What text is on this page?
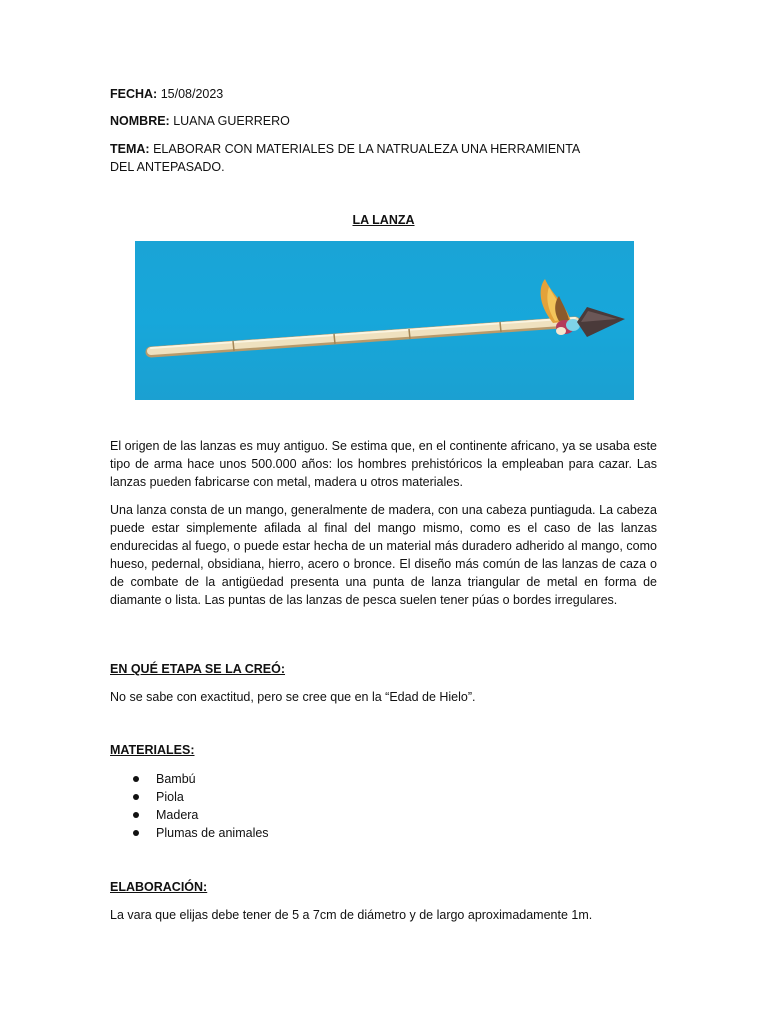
FECHA: 15/08/2023
NOMBRE: LUANA GUERRERO
TEMA: ELABORAR CON MATERIALES DE LA NATRUALEZA UNA HERRAMIENTA DEL ANTEPASADO.
LA LANZA
El origen de las lanzas es muy antiguo. Se estima que, en el continente africano, ya se usaba este tipo de arma hace unos 500.000 años: los hombres prehistóricos la empleaban para cazar. Las lanzas pueden fabricarse con metal, madera u otros materiales.
Una lanza consta de un mango, generalmente de madera, con una cabeza puntiaguda. La cabeza puede estar simplemente afilada al final del mango mismo, como es el caso de las lanzas endurecidas al fuego, o puede estar hecha de un material más duradero adherido al mango, como hueso, pedernal, obsidiana, hierro, acero o bronce. El diseño más común de las lanzas de caza o de combate de la antigüedad presenta una punta de lanza triangular de metal en forma de diamante o lista. Las puntas de las lanzas de pesca suelen tener púas o bordes irregulares.
EN QUÉ ETAPA SE LA CREÓ:
No se sabe con exactitud, pero se cree que en la “Edad de Hielo”.
MATERIALES:
Bambú
Piola
Madera
Plumas de animales
ELABORACIÓN:
La vara que elijas debe tener de 5 a 7cm de diámetro y de largo aproximadamente 1m.
